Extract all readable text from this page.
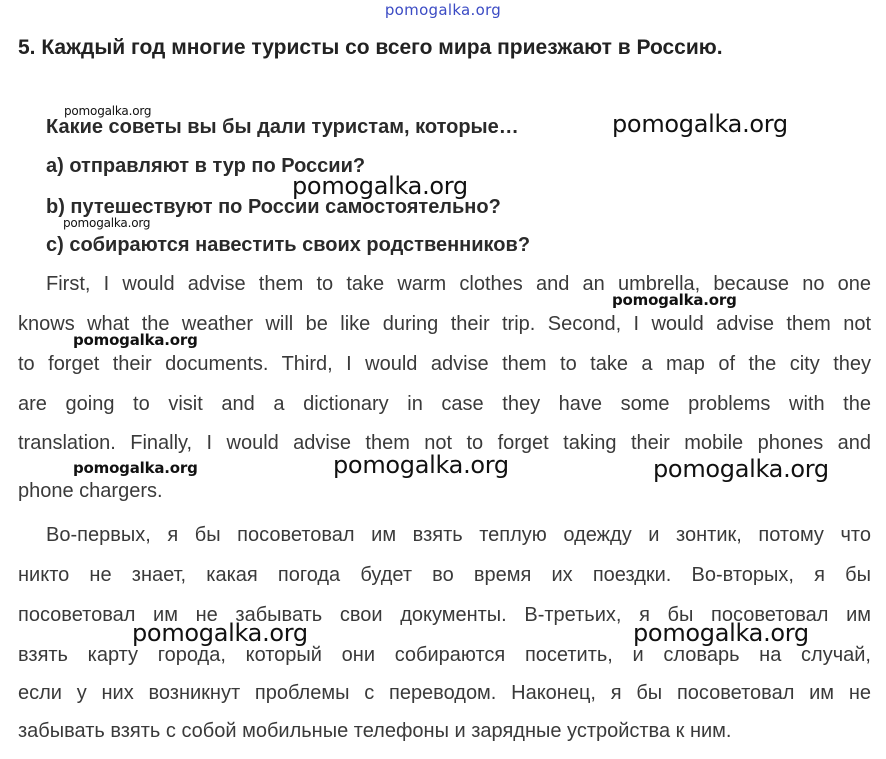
pomogalka.org
5. Каждый год многие туристы со всего мира приезжают в Россию.
Какие советы вы бы дали туристам, которые…
a) отправляют в тур по России?
b) путешествуют по России самостоятельно?
c) собираются навестить своих родственников?
First, I would advise them to take warm clothes and an umbrella, because no one
knows what the weather will be like during their trip. Second, I would advise them not
to forget their documents. Third, I would advise them to take a map of the city they
are going to visit and a dictionary in case they have some problems with the
translation. Finally, I would advise them not to forget taking their mobile phones and
phone chargers.
Во-первых, я бы посоветовал им взять теплую одежду и зонтик, потому что
никто не знает, какая погода будет во время их поездки. Во-вторых, я бы
посоветовал им не забывать свои документы. В-третьих, я бы посоветовал им
взять карту города, который они собираются посетить, и словарь на случай,
если у них возникнут проблемы с переводом. Наконец, я бы посоветовал им не
забывать взять с собой мобильные телефоны и зарядные устройства к ним.
pomogalka.org	pomogalka.org
pomogalka.org
pomogalka.org
pomogalka.org
pomogalka.org
pomogalka.org	pomogalka.org	pomogalka.org
pomogalka.org	pomogalka.org
